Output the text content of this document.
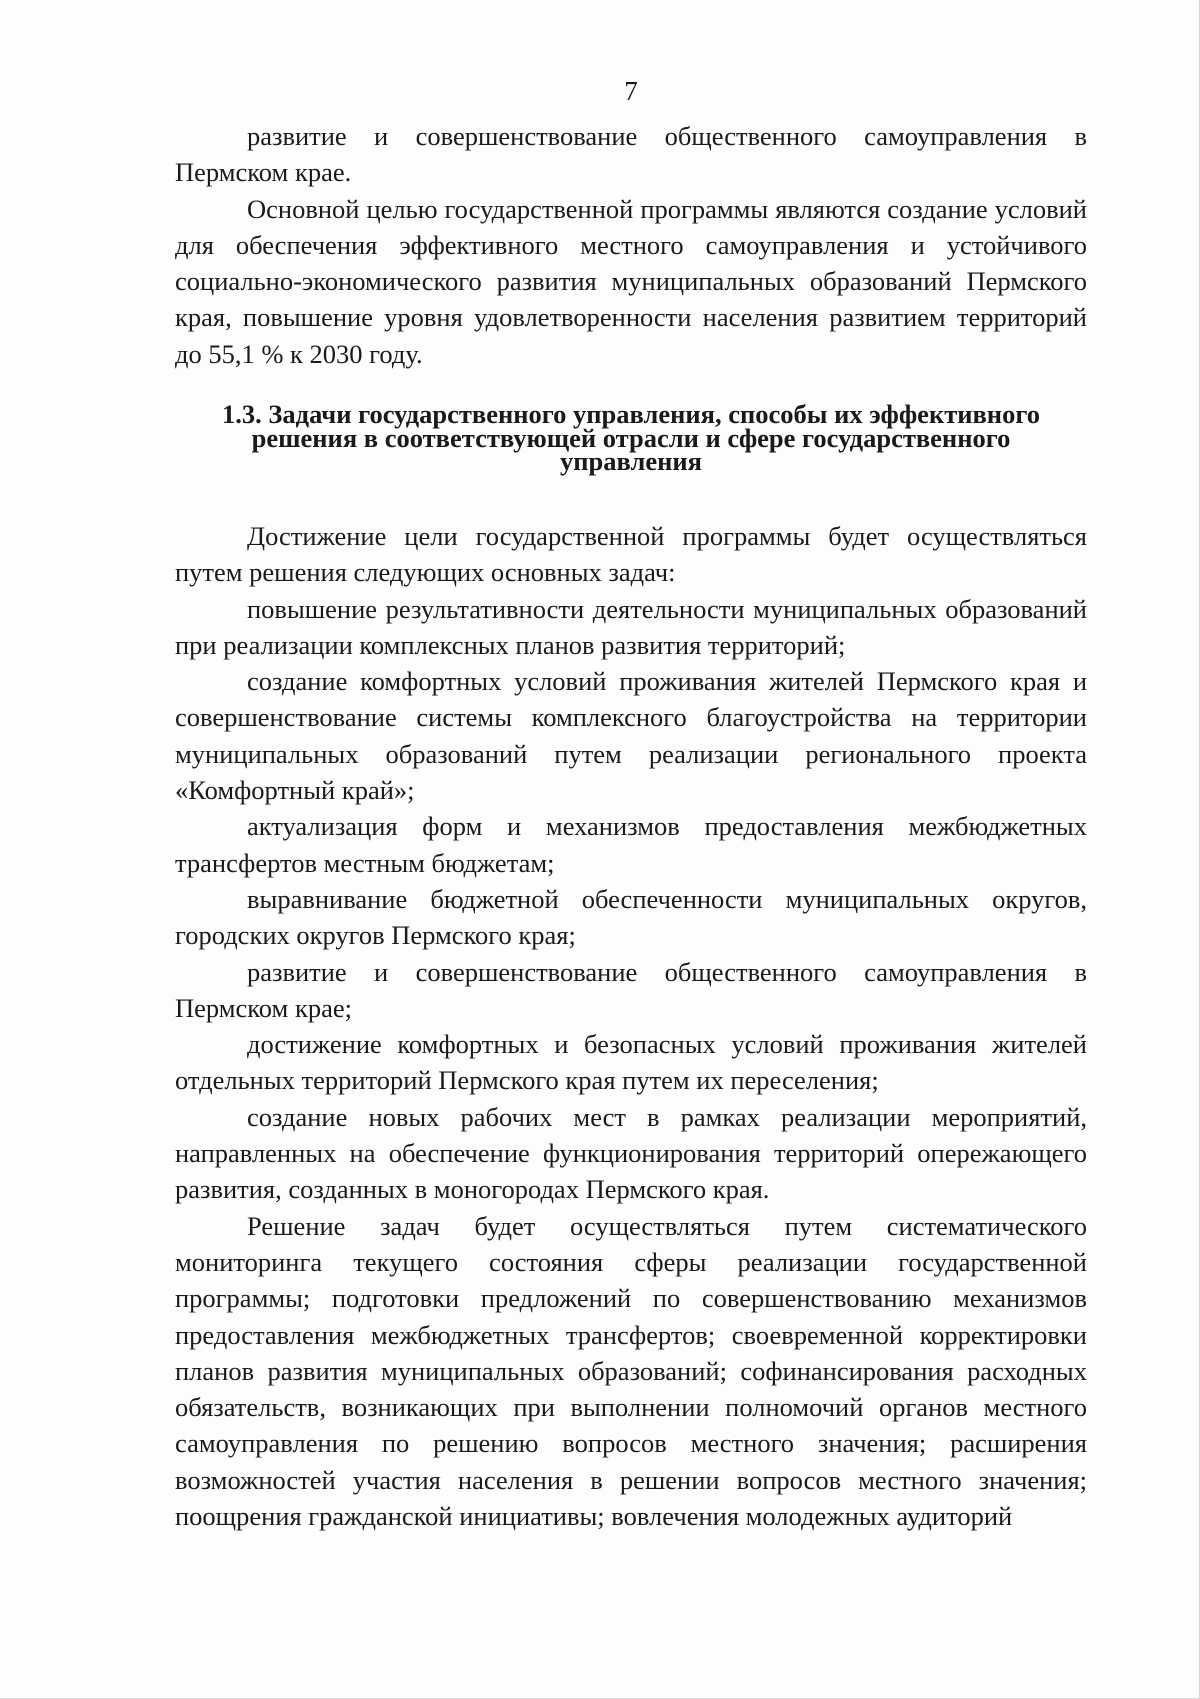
7

развитие и совершенствование общественного самоуправления в Пермском крае.

Основной целью государственной программы являются создание условий для обеспечения эффективного местного самоуправления и устойчивого социально-экономического развития муниципальных образований Пермского края, повышение уровня удовлетворенности населения развитием территорий до 55,1 % к 2030 году.

1.3. Задачи государственного управления, способы их эффективного
решения в соответствующей отрасли и сфере государственного
управления

Достижение цели государственной программы будет осуществляться путем решения следующих основных задач:

повышение результативности деятельности муниципальных образований при реализации комплексных планов развития территорий;

создание комфортных условий проживания жителей Пермского края и совершенствование системы комплексного благоустройства на территории муниципальных образований путем реализации регионального проекта «Комфортный край»;

актуализация форм и механизмов предоставления межбюджетных трансфертов местным бюджетам;

выравнивание бюджетной обеспеченности муниципальных округов, городских округов Пермского края;

развитие и совершенствование общественного самоуправления в Пермском крае;

достижение комфортных и безопасных условий проживания жителей отдельных территорий Пермского края путем их переселения;

создание новых рабочих мест в рамках реализации мероприятий, направленных на обеспечение функционирования территорий опережающего развития, созданных в моногородах Пермского края.

Решение задач будет осуществляться путем систематического мониторинга текущего состояния сферы реализации государственной программы; подготовки предложений по совершенствованию механизмов предоставления межбюджетных трансфертов; своевременной корректировки планов развития муниципальных образований; софинансирования расходных обязательств, возникающих при выполнении полномочий органов местного самоуправления по решению вопросов местного значения; расширения возможностей участия населения в решении вопросов местного значения; поощрения гражданской инициативы; вовлечения молодежных аудиторий
